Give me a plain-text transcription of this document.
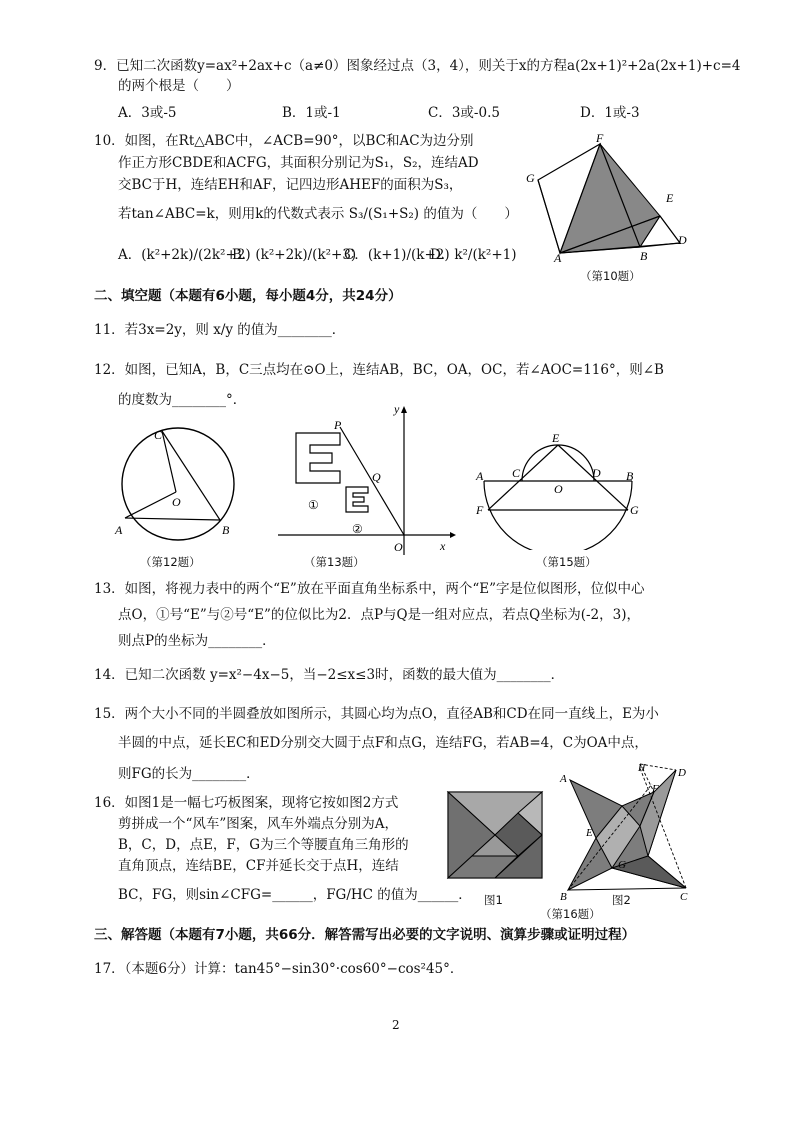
9．已知二次函数y=ax²+2ax+c（a≠0）图象经过点（3，4），则关于x的方程a(2x+1)²+2a(2x+1)+c=4
的两个根是（　　）
A．3或-5	B．1或-1	C．3或-0.5	D．1或-3
10．如图，在Rt△ABC中，∠ACB=90°，以BC和AC为边分别
作正方形CBDE和ACFG，其面积分别记为S₁，S₂，连结AD
交BC于H，连结EH和AF，记四边形AHEF的面积为S₃，
若tan∠ABC=k，则用k的代数式表示 S₃/(S₁+S₂) 的值为（　　）
A．(k²+2k)/(2k²+2)
B．(k²+2k)/(k²+3)
C．(k+1)/(k+2)
D．k²/(k²+1)
F
G
E
D
A	B
（第10题）
二、填空题（本题有6小题，每小题4分，共24分）
11．若3x=2y，则 x/y 的值为________．
12．如图，已知A，B，C三点均在⊙O上，连结AB，BC，OA，OC，若∠AOC=116°，则∠B
的度数为________°．
C
O
A	B
（第12题）
y
x
O
P
Q
①
②
（第13题）
E
A C
O
D B
F	G
（第15题）
13．如图，将视力表中的两个“E”放在平面直角坐标系中，两个“E”字是位似图形，位似中心
点O，①号“E”与②号“E”的位似比为2．点P与Q是一组对应点，若点Q坐标为(-2，3)，
则点P的坐标为________．
14．已知二次函数 y=x²−4x−5，当−2≤x≤3时，函数的最大值为________．
15．两个大小不同的半圆叠放如图所示，其圆心均为点O，直径AB和CD在同一直线上，E为小
半圆的中点，延长EC和ED分别交大圆于点F和点G，连结FG，若AB=4，C为OA中点，
则FG的长为________．
16．如图1是一幅七巧板图案，现将它按如图2方式
剪拼成一个“风车”图案，风车外端点分别为A，
B，C，D，点E，F，G为三个等腰直角三角形的
直角顶点，连结BE，CF并延长交于点H，连结
BC，FG，则sin∠CFG=______，FG/HC 的值为______． 图1
H
A	D
F
E
G
B	C
（第16题）
图2
三、解答题（本题有7小题，共66分．解答需写出必要的文字说明、演算步骤或证明过程）
17．（本题6分）计算：tan45°−sin30°·cos60°−cos²45°．
2
